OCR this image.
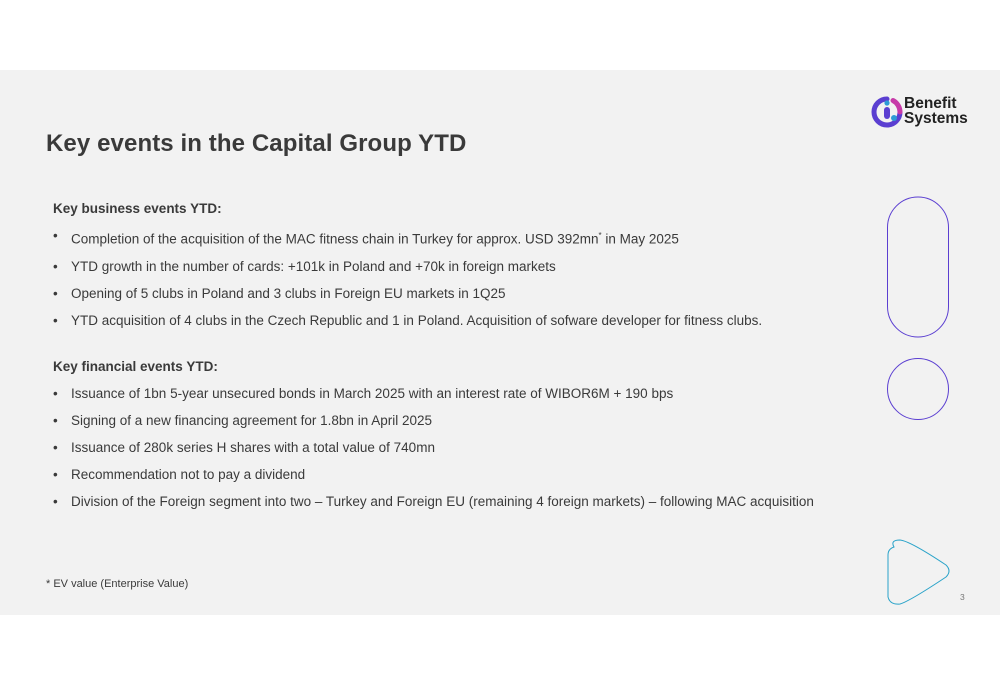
Benefit
Systems
Key events in the Capital Group YTD

Key business events YTD:

• Completion of the acquisition of the MAC fitness chain in Turkey for approx. USD 392mn* in May 2025
• YTD growth in the number of cards: +101k in Poland and +70k in foreign markets
• Opening of 5 clubs in Poland and 3 clubs in Foreign EU markets in 1Q25
• YTD acquisition of 4 clubs in the Czech Republic and 1 in Poland. Acquisition of sofware developer for fitness clubs.

Key financial events YTD:

• Issuance of 1bn 5-year unsecured bonds in March 2025 with an interest rate of WIBOR6M + 190 bps
• Signing of a new financing agreement for 1.8bn in April 2025
• Issuance of 280k series H shares with a total value of 740mn
• Recommendation not to pay a dividend
• Division of the Foreign segment into two – Turkey and Foreign EU (remaining 4 foreign markets) – following MAC acquisition
* EV value (Enterprise Value)
3
